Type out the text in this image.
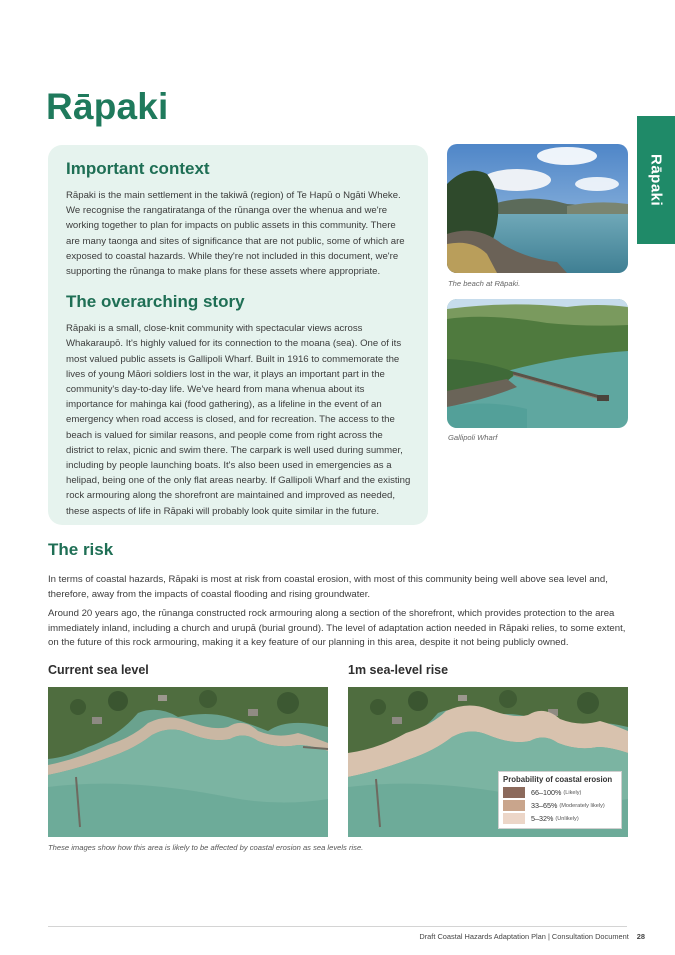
Rāpaki
Rāpaki
Important context

Rāpaki is the main settlement in the takiwā (region) of Te Hapū o Ngāti Wheke. We recognise the rangatiratanga of the rūnanga over the whenua and we're working together to plan for impacts on public assets in this community. There are many taonga and sites of significance that are not public, some of which are exposed to coastal hazards. While they're not included in this document, we're supporting the rūnanga to make plans for these assets where appropriate.

The overarching story

Rāpaki is a small, close-knit community with spectacular views across Whakaraupō. It's highly valued for its connection to the moana (sea). One of its most valued public assets is Gallipoli Wharf. Built in 1916 to commemorate the lives of young Māori soldiers lost in the war, it plays an important part in the community's day-to-day life. We've heard from mana whenua about its importance for mahinga kai (food gathering), as a lifeline in the event of an emergency when road access is closed, and for recreation. The access to the beach is valued for similar reasons, and people come from right across the district to relax, picnic and swim there. The carpark is well used during summer, including by people launching boats. It's also been used in emergencies as a helipad, being one of the only flat areas nearby. If Gallipoli Wharf and the existing rock armouring along the shorefront are maintained and improved as needed, these aspects of life in Rāpaki will probably look quite similar in the future.

The beach at Rāpaki.
Gallipoli Wharf
The risk

In terms of coastal hazards, Rāpaki is most at risk from coastal erosion, with most of this community being well above sea level and, therefore, away from the impacts of coastal flooding and rising groundwater.

Around 20 years ago, the rūnanga constructed rock armouring along a section of the shorefront, which provides protection to the area immediately inland, including a church and urupā (burial ground). The level of adaptation action needed in Rāpaki relies, to some extent, on the future of this rock armouring, making it a key feature of our planning in this area, despite it not being publicly owned.

Current sea level	1m sea-level rise
Probability of coastal erosion
66–100% (Likely)
33–65% (Moderately likely)
5–32% (Unlikely)
These images show how this area is likely to be affected by coastal erosion as sea levels rise.
Draft Coastal Hazards Adaptation Plan | Consultation Document 28
